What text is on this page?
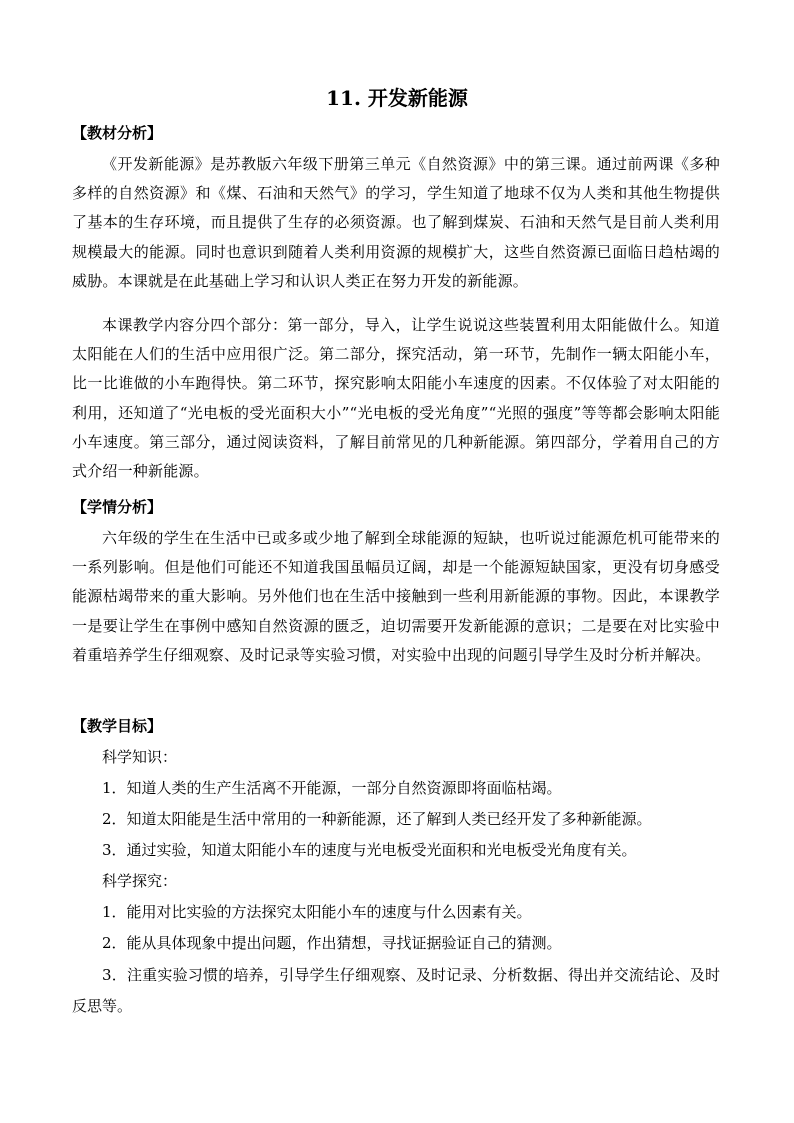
11. 开发新能源
【教材分析】
《开发新能源》是苏教版六年级下册第三单元《自然资源》中的第三课。通过前两课《多种多样的自然资源》和《煤、石油和天然气》的学习，学生知道了地球不仅为人类和其他生物提供了基本的生存环境，而且提供了生存的必须资源。也了解到煤炭、石油和天然气是目前人类利用规模最大的能源。同时也意识到随着人类利用资源的规模扩大，这些自然资源已面临日趋枯竭的威胁。本课就是在此基础上学习和认识人类正在努力开发的新能源。
本课教学内容分四个部分：第一部分，导入，让学生说说这些装置利用太阳能做什么。知道太阳能在人们的生活中应用很广泛。第二部分，探究活动，第一环节，先制作一辆太阳能小车，比一比谁做的小车跑得快。第二环节，探究影响太阳能小车速度的因素。不仅体验了对太阳能的利用，还知道了“光电板的受光面积大小”“光电板的受光角度”“光照的强度”等等都会影响太阳能小车速度。第三部分，通过阅读资料，了解目前常见的几种新能源。第四部分，学着用自己的方式介绍一种新能源。
【学情分析】
六年级的学生在生活中已或多或少地了解到全球能源的短缺，也听说过能源危机可能带来的一系列影响。但是他们可能还不知道我国虽幅员辽阔，却是一个能源短缺国家，更没有切身感受能源枯竭带来的重大影响。另外他们也在生活中接触到一些利用新能源的事物。因此，本课教学一是要让学生在事例中感知自然资源的匮乏，迫切需要开发新能源的意识；二是要在对比实验中着重培养学生仔细观察、及时记录等实验习惯，对实验中出现的问题引导学生及时分析并解决。
【教学目标】
科学知识：
1．知道人类的生产生活离不开能源，一部分自然资源即将面临枯竭。
2．知道太阳能是生活中常用的一种新能源，还了解到人类已经开发了多种新能源。
3．通过实验，知道太阳能小车的速度与光电板受光面积和光电板受光角度有关。
科学探究：
1．能用对比实验的方法探究太阳能小车的速度与什么因素有关。
2．能从具体现象中提出问题，作出猜想，寻找证据验证自己的猜测。
3．注重实验习惯的培养，引导学生仔细观察、及时记录、分析数据、得出并交流结论、及时反思等。
